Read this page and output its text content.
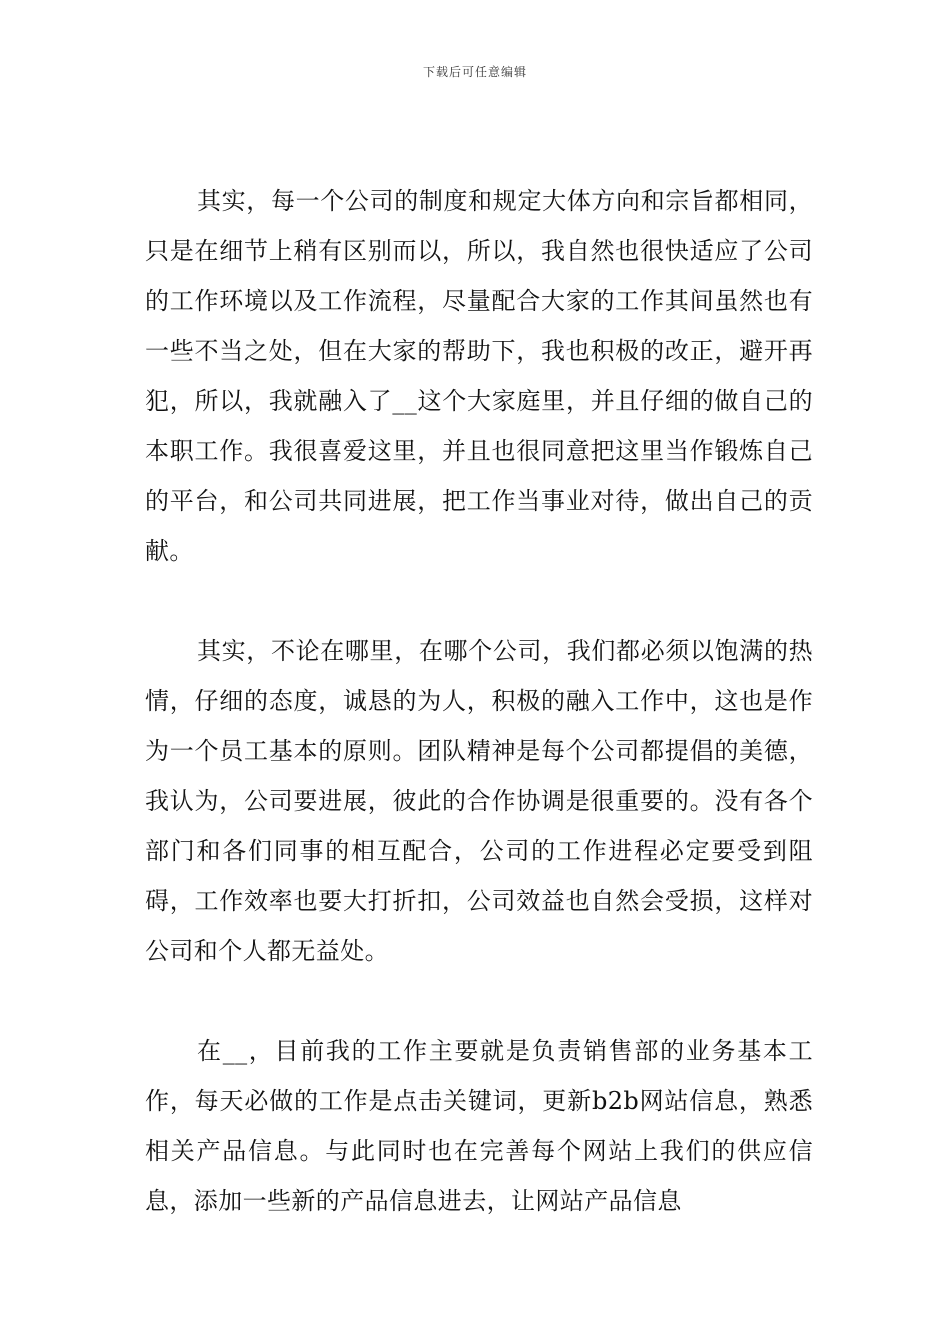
下载后可任意编辑

其实，每一个公司的制度和规定大体方向和宗旨都相同，只是在细节上稍有区别而以，所以，我自然也很快适应了公司的工作环境以及工作流程，尽量配合大家的工作其间虽然也有一些不当之处，但在大家的帮助下，我也积极的改正，避开再犯，所以，我就融入了__这个大家庭里，并且仔细的做自己的本职工作。我很喜爱这里，并且也很同意把这里当作锻炼自己的平台，和公司共同进展，把工作当事业对待，做出自己的贡献。

其实，不论在哪里，在哪个公司，我们都必须以饱满的热情，仔细的态度，诚恳的为人，积极的融入工作中，这也是作为一个员工基本的原则。团队精神是每个公司都提倡的美德，我认为，公司要进展，彼此的合作协调是很重要的。没有各个部门和各们同事的相互配合，公司的工作进程必定要受到阻碍，工作效率也要大打折扣，公司效益也自然会受损，这样对公司和个人都无益处。

在__，目前我的工作主要就是负责销售部的业务基本工作，每天必做的工作是点击关键词，更新b2b网站信息，熟悉相关产品信息。与此同时也在完善每个网站上我们的供应信息，添加一些新的产品信息进去，让网站产品信息
